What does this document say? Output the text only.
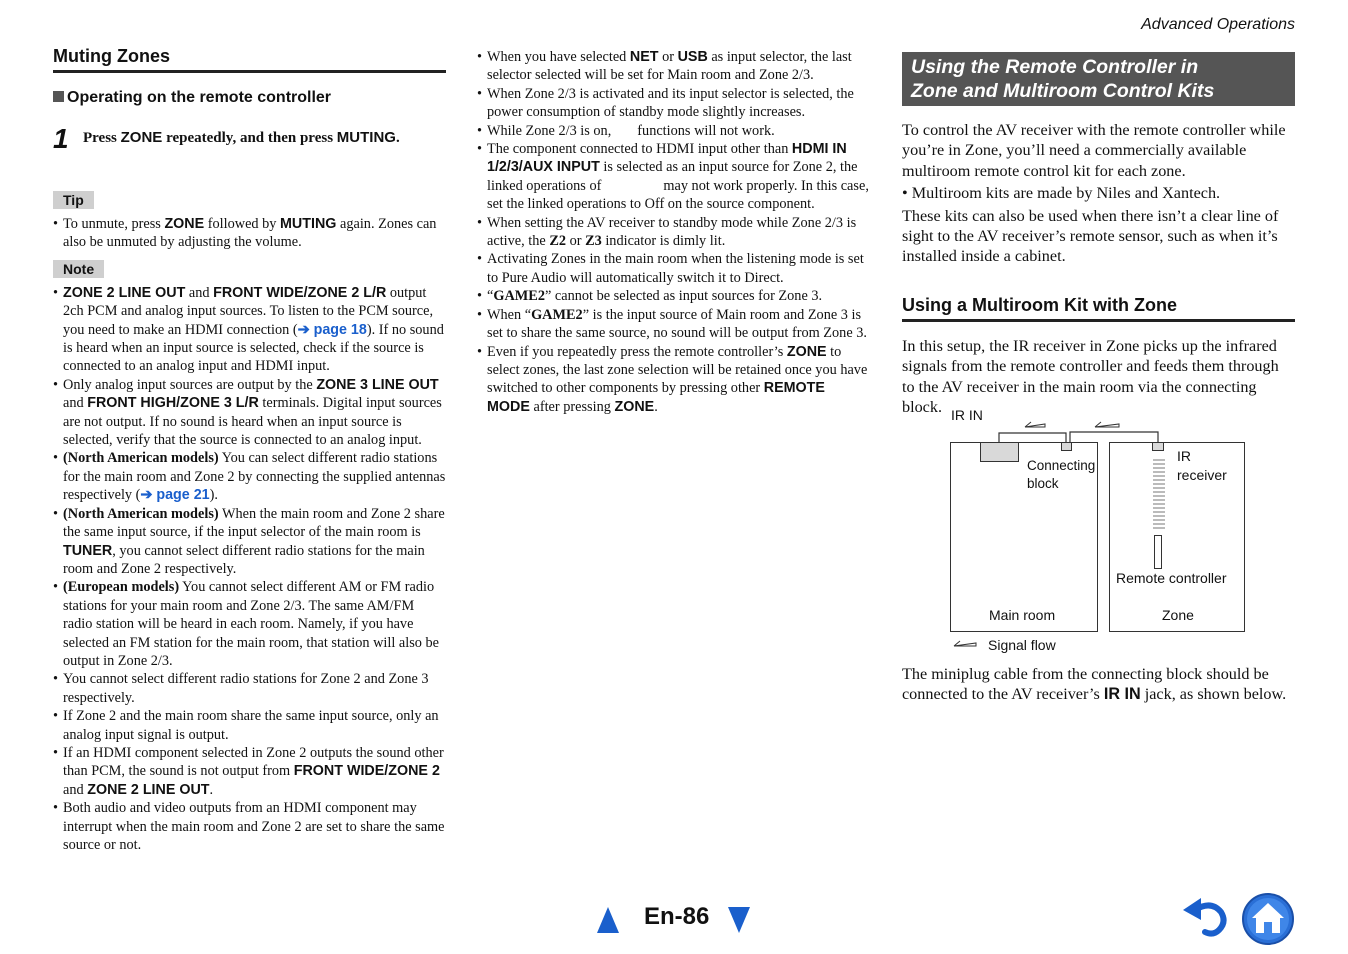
Advanced Operations
Muting Zones
Operating on the remote controller
1 Press ZONE repeatedly, and then press MUTING.
Tip
• To unmute, press ZONE followed by MUTING again. Zones can also be unmuted by adjusting the volume.
Note
• ZONE 2 LINE OUT and FRONT WIDE/ZONE 2 L/R output 2ch PCM and analog input sources. To listen to the PCM source, you need to make an HDMI connection (➔ page 18). If no sound is heard when an input source is selected, check if the source is connected to an analog input and HDMI input.
• Only analog input sources are output by the ZONE 3 LINE OUT and FRONT HIGH/ZONE 3 L/R terminals. Digital input sources are not output. If no sound is heard when an input source is selected, verify that the source is connected to an analog input.
• (North American models) You can select different radio stations for the main room and Zone 2 by connecting the supplied antennas respectively (➔ page 21).
• (North American models) When the main room and Zone 2 share the same input source, if the input selector of the main room is TUNER, you cannot select different radio stations for the main room and Zone 2 respectively.
• (European models) You cannot select different AM or FM radio stations for your main room and Zone 2/3. The same AM/FM radio station will be heard in each room. Namely, if you have selected an FM station for the main room, that station will also be output in Zone 2/3.
• You cannot select different radio stations for Zone 2 and Zone 3 respectively.
• If Zone 2 and the main room share the same input source, only an analog input signal is output.
• If an HDMI component selected in Zone 2 outputs the sound other than PCM, the sound is not output from FRONT WIDE/ZONE 2 and ZONE 2 LINE OUT.
• Both audio and video outputs from an HDMI component may interrupt when the main room and Zone 2 are set to share the same source or not.
• When you have selected NET or USB as input selector, the last selector selected will be set for Main room and Zone 2/3.
• When Zone 2/3 is activated and its input selector is selected, the power consumption of standby mode slightly increases.
• While Zone 2/3 is on, functions will not work.
• The component connected to HDMI input other than HDMI IN 1/2/3/AUX INPUT is selected as an input source for Zone 2, the linked operations of	may not work properly. In this case, set the linked operations to Off on the source component.
• When setting the AV receiver to standby mode while Zone 2/3 is active, the Z2 or Z3 indicator is dimly lit.
• Activating Zones in the main room when the listening mode is set to Pure Audio will automatically switch it to Direct.
• “GAME2” cannot be selected as input sources for Zone 3.
• When “GAME2” is the input source of Main room and Zone 3 is set to share the same source, no sound will be output from Zone 3.
• Even if you repeatedly press the remote controller’s ZONE to select zones, the last zone selection will be retained once you have switched to other components by pressing other REMOTE MODE after pressing ZONE.
Using the Remote Controller in
Zone and Multiroom Control Kits

To control the AV receiver with the remote controller while you’re in Zone, you’ll need a commercially available multiroom remote control kit for each zone.

• Multiroom kits are made by Niles and Xantech.

These kits can also be used when there isn’t a clear line of sight to the AV receiver’s remote sensor, such as when it’s installed inside a cabinet.

Using a Multiroom Kit with Zone

In this setup, the IR receiver in Zone picks up the infrared signals from the remote controller and feeds them through to the AV receiver in the main room via the connecting block.

The miniplug cable from the connecting block should be connected to the AV receiver’s IR IN jack, as shown below.

IR IN
Connecting
block
IR
receiver
Remote controller
Main room	Zone
Signal flow
En-86
